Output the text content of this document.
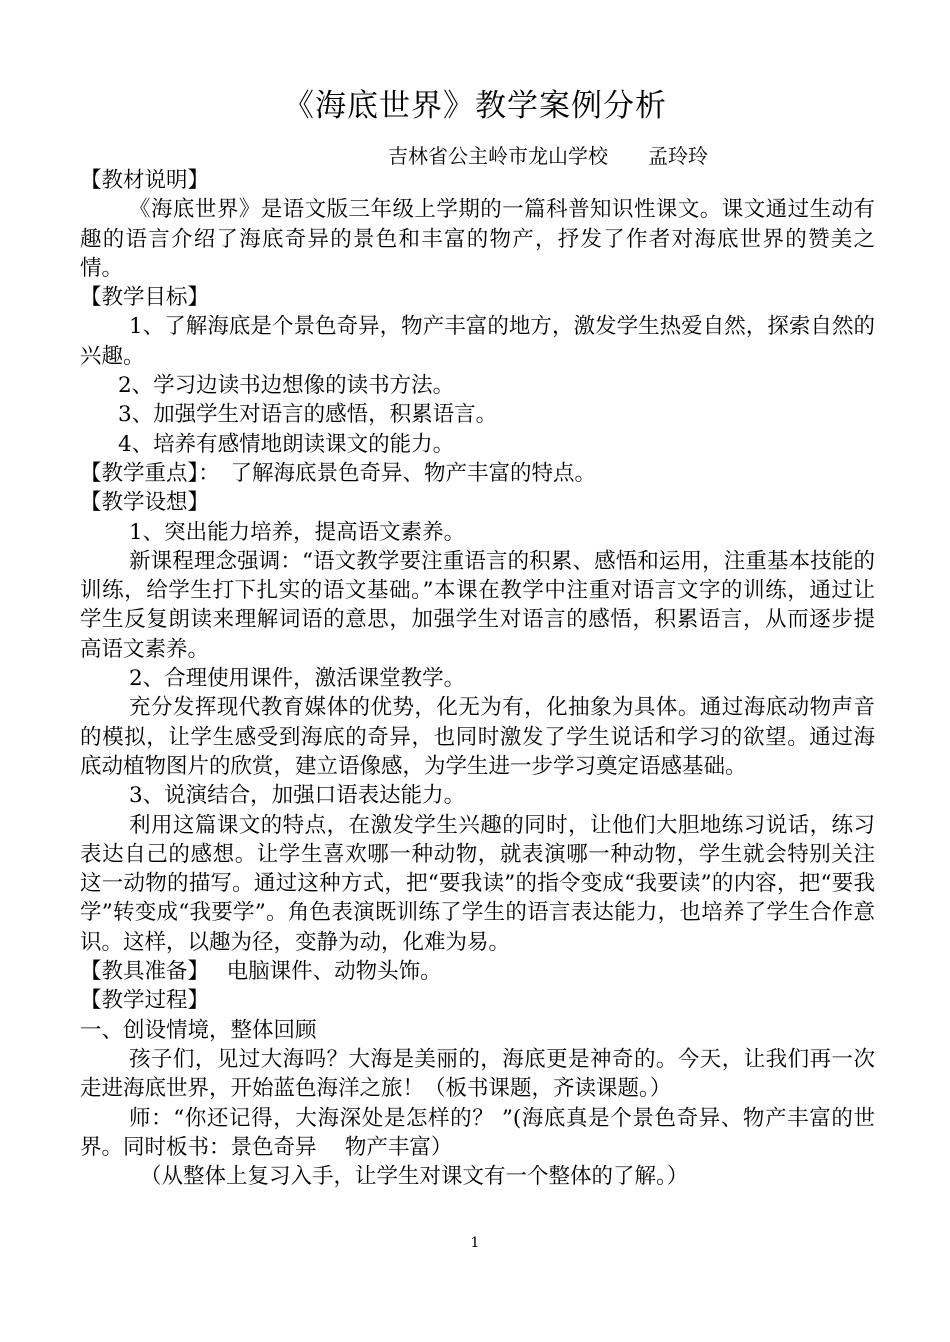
《海底世界》教学案例分析
吉林省公主岭市龙山学校　　孟玲玲

【教材说明】

《海底世界》是语文版三年级上学期的一篇科普知识性课文。课文通过生动有趣的语言介绍了海底奇异的景色和丰富的物产，抒发了作者对海底世界的赞美之情。

【教学目标】

1、了解海底是个景色奇异，物产丰富的地方，激发学生热爱自然，探索自然的兴趣。

2、学习边读书边想像的读书方法。

3、加强学生对语言的感悟，积累语言。

4、培养有感情地朗读课文的能力。

【教学重点】：　了解海底景色奇异、物产丰富的特点。

【教学设想】

1、突出能力培养，提高语文素养。

新课程理念强调：“语文教学要注重语言的积累、感悟和运用，注重基本技能的训练，给学生打下扎实的语文基础。”本课在教学中注重对语言文字的训练，通过让学生反复朗读来理解词语的意思，加强学生对语言的感悟，积累语言，从而逐步提高语文素养。

2、合理使用课件，激活课堂教学。

充分发挥现代教育媒体的优势，化无为有，化抽象为具体。通过海底动物声音的模拟，让学生感受到海底的奇异，也同时激发了学生说话和学习的欲望。通过海底动植物图片的欣赏，建立语像感，为学生进一步学习奠定语感基础。

3、说演结合，加强口语表达能力。

利用这篇课文的特点，在激发学生兴趣的同时，让他们大胆地练习说话，练习表达自己的感想。让学生喜欢哪一种动物，就表演哪一种动物，学生就会特别关注这一动物的描写。通过这种方式，把“要我读”的指令变成“我要读”的内容，把“要我学”转变成“我要学”。角色表演既训练了学生的语言表达能力，也培养了学生合作意识。这样，以趣为径，变静为动，化难为易。

【教具准备】　 电脑课件、动物头饰。

【教学过程】

一、创设情境，整体回顾

孩子们，见过大海吗？大海是美丽的，海底更是神奇的。今天，让我们再一次走进海底世界，开始蓝色海洋之旅！（板书课题，齐读课题。）

师：“你还记得，大海深处是怎样的？ ”(海底真是个景色奇异、物产丰富的世界。同时板书：景色奇异　 物产丰富）

（从整体上复习入手，让学生对课文有一个整体的了解。）

1
